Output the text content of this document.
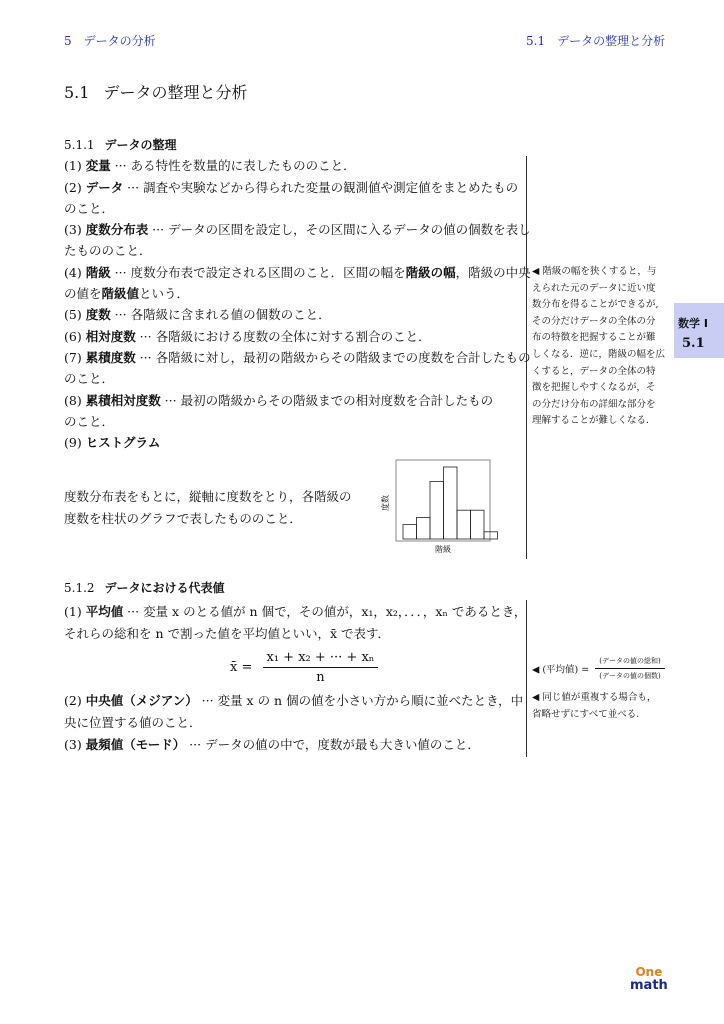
5　データの分析	5.1　データの整理と分析
5.1 データの整理と分析
5.1.1 データの整理
(1) 変量 ··· ある特性を数量的に表したもののこと．
(2) データ ··· 調査や実験などから得られた変量の観測値や測定値をまとめたもの
のこと．
(3) 度数分布表 ··· データの区間を設定し，その区間に入るデータの値の個数を表し
たもののこと．
(4) 階級 ··· 度数分布表で設定される区間のこと．区間の幅を階級の幅，階級の中央
の値を階級値という．
(5) 度数 ··· 各階級に含まれる値の個数のこと．
(6) 相対度数 ··· 各階級における度数の全体に対する割合のこと．
(7) 累積度数 ··· 各階級に対し，最初の階級からその階級までの度数を合計したもの
のこと．
(8) 累積相対度数 ··· 最初の階級からその階級までの相対度数を合計したもの
のこと．
(9) ヒストグラム
度数分布表をもとに，縦軸に度数をとり，各階級の
度数を柱状のグラフで表したもののこと．
度数
階級
◀ 階級の幅を狭くすると，与
えられた元のデータに近い度
数分布を得ることができるが,
その分だけデータの全体の分
布の特徴を把握することが難
しくなる．逆に，階級の幅を広
くすると，データの全体の特
徴を把握しやすくなるが，そ
の分だけ分布の詳細な部分を
理解することが難しくなる．
数学 I
5.1
5.1.2 データにおける代表値
(1) 平均値 ··· 変量 x のとる値が n 個で，その値が，x₁，x₂，．．．，xₙ であるとき，
それらの総和を n で割った値を平均値といい，x̄ で表す．
x̄ = $\frac{\text{x₁ + x₂ + ··· + xₙ}}{n}$	◀ (平均値) = $\frac{\text{(データの値の総和)}}{\text{(データの値の個数)}}$
(2) 中央値（メジアン） ··· 変量 x の n 個の値を小さい方から順に並べたとき，中
央に位置する値のこと．
◀ 同じ値が重複する場合も，
省略せずにすべて並べる．
(3) 最頻値（モード） ··· データの値の中で，度数が最も大きい値のこと．
One
math
